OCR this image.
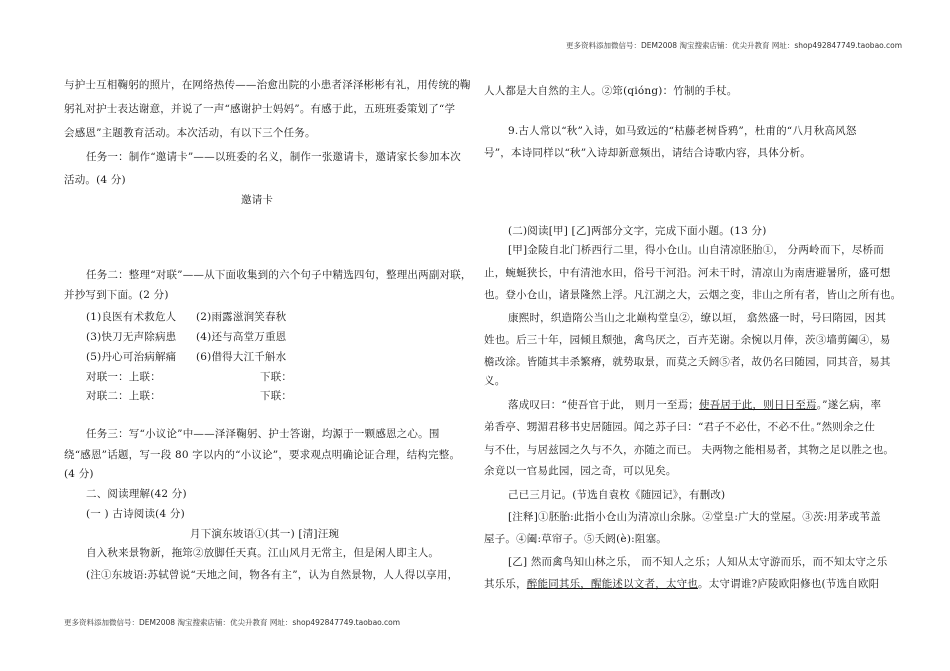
更多资料添加微信号：DEM2008 淘宝搜索店铺：优尖升教育 网址：shop492847749.taobao.com
与护士互相鞠躬的照片，在网络热传——治愈出院的小患者泽泽彬彬有礼，用传统的鞠
躬礼对护士表达谢意，并说了一声“感谢护士妈妈”。有感于此，五班班委策划了“学
会感恩”主题教育活动。本次活动，有以下三个任务。
任务一：制作“邀请卡”——以班委的名义，制作一张邀请卡，邀请家长参加本次
活动。(4 分)
邀请卡
任务二：整理“对联”——从下面收集到的六个句子中精选四句，整理出两副对联，
并抄写到下面。(2 分)
(1)良医有术救危人 (2)雨露滋润笑春秋
(3)快刀无声除病患 (4)还与高堂万重恩
(5)丹心可治病解痛 (6)借得大江千斛水
对联一：上联：	下联：
对联二：上联：	下联：
任务三：写“小议论”中——泽泽鞠躬、护士答谢，均源于一颗感恩之心。围
绕“感恩”话题，写一段 80 字以内的“小议论”，要求观点明确论证合理，结构完整。
(4 分)
二、阅读理解(42 分)
(一 ) 古诗阅读(4 分)
月下演东坡语①(其一) [清]汪琬
自入秋来景物新，拖筇②放脚任天真。江山风月无常主，但是闲人即主人。
(注①东坡语:苏轼曾说“天地之间，物各有主”，认为自然景物，人人得以享用，
人人都是大自然的主人。②筇(qióng)：竹制的手杖。
9.古人常以“秋”入诗，如马致远的“枯藤老树昏鸦”，杜甫的“八月秋高风怒
号”，本诗同样以“秋”入诗却新意频出，请结合诗歌内容，具体分析。
(二)阅读[甲] [乙]两部分文字，完成下面小题。(13 分)
[甲]金陵自北门桥西行二里，得小仓山。山自清凉胚胎①， 分两岭而下，尽桥而
止，蜿蜒狭长，中有清池水田，俗号干河沿。河未干时，清凉山为南唐避暑所，盛可想
也。登小仓山，诸景隆然上浮。凡江湖之大，云烟之变，非山之所有者，皆山之所有也。
康熙时，织造隋公当山之北巅构堂皇②，缭以垣， 翕然盛一时，号曰隋园，因其
姓也。后三十年，园倾且颓弛，禽鸟厌之，百卉芜谢。余惋以月俸，茨③墙剪阖④，易
檐改涂。皆随其丰杀繁瘠，就势取景，而莫之夭阏⑤者，故仍名曰随园，同其音，易其
义。
落成叹曰：“使吾官于此， 则月一至焉；使吾居于此，则日日至焉。”遂乞病，率
弟香亭、甥湄君移书史居随园。闻之苏子曰：“君子不必仕，不必不仕。”然则余之仕
与不仕，与居兹园之久与不久，亦随之而已。 夫两物之能相易者，其物之足以胜之也。
余竟以一官易此园，园之奇，可以见矣。
己已三月记。(节选自袁枚《随园记》，有删改)
[注释]①胚胎:此指小仓山为清凉山余脉。②堂皇:广大的堂屋。③茨:用茅或苇盖
屋子。④阖:草帘子。⑤夭阏(è):阻塞。
[乙] 然而禽鸟知山林之乐， 而不知人之乐；人知从太守游而乐，而不知太守之乐
其乐乐，醉能同其乐，醒能述以文者，太守也。太守谓谁?庐陵欧阳修也(节选自欧阳
更多资料添加微信号：DEM2008 淘宝搜索店铺：优尖升教育 网址：shop492847749.taobao.com
